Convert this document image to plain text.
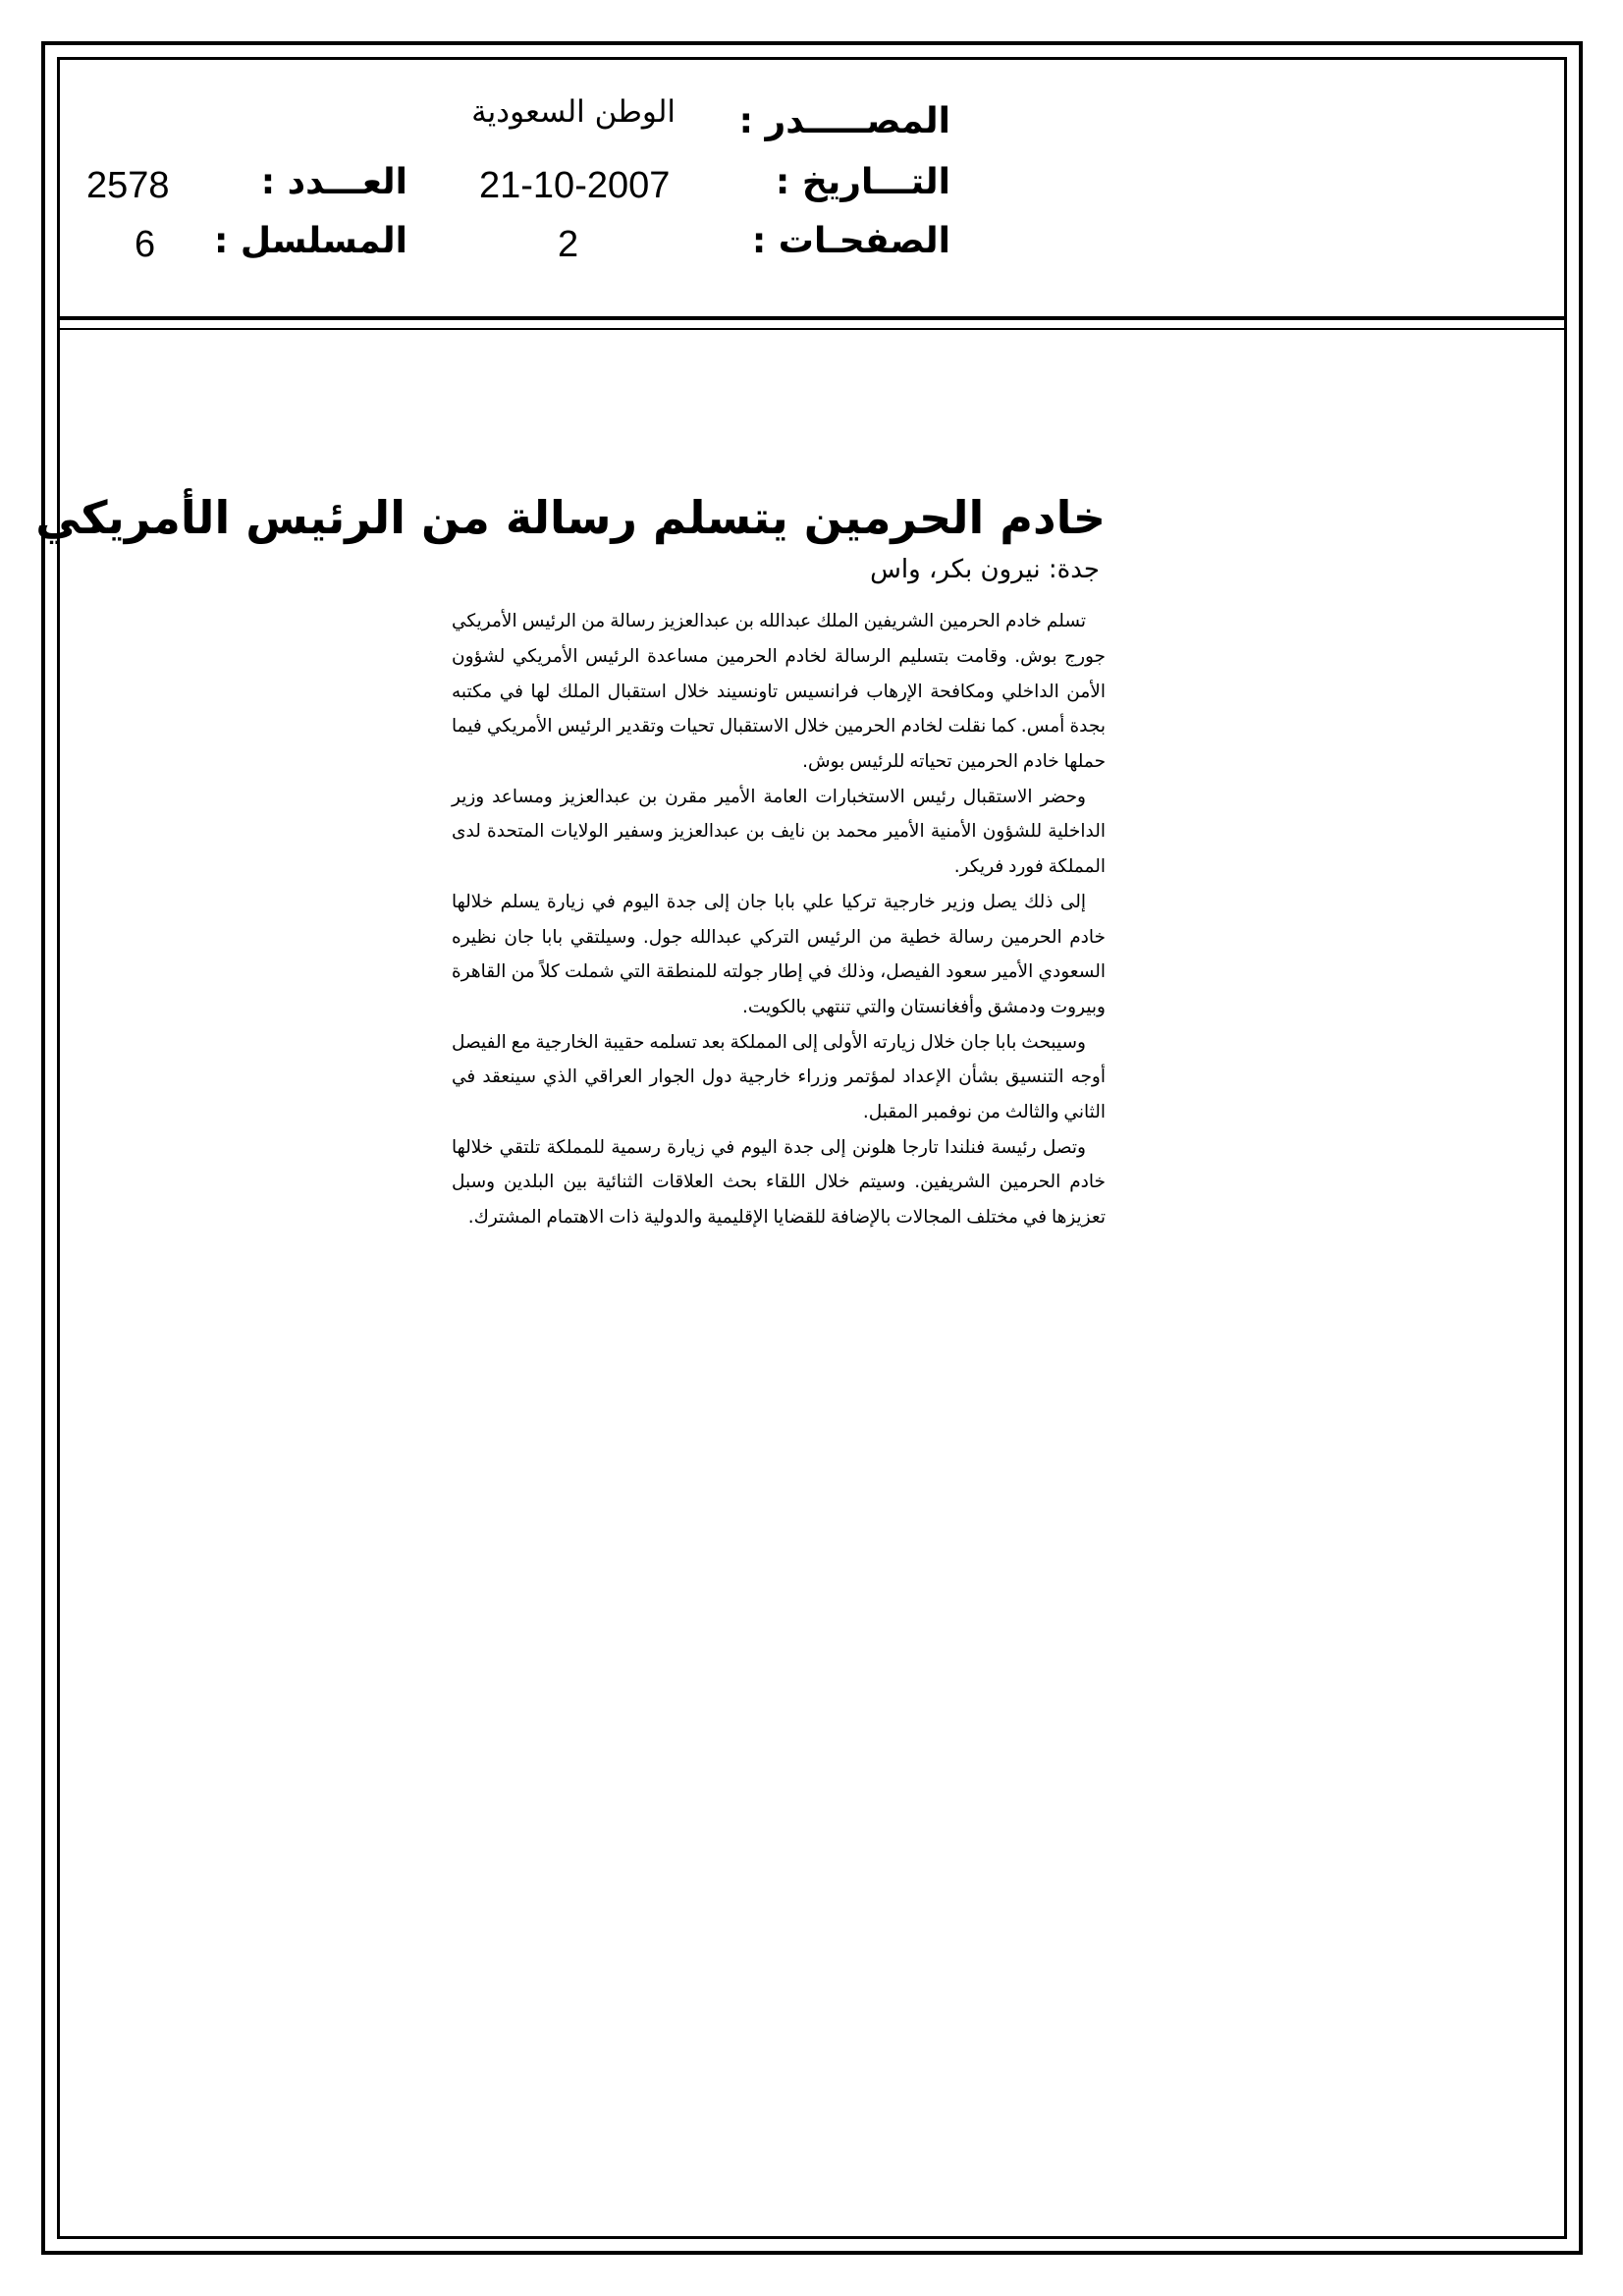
المصـــــدر :
الوطن السعودية
التـــاريخ :
21-10-2007
الصفحـات :
2
العـــدد :
2578
المسلسل :
6
خادم الحرمين يتسلم رسالة من الرئيس الأمريكي
جدة: نيرون بكر، واس

تسلم خادم الحرمين الشريفين الملك عبدالله بن عبدالعزيز رسالة من الرئيس الأمريكي جورج بوش. وقامت بتسليم الرسالة لخادم الحرمين مساعدة الرئيس الأمريكي لشؤون الأمن الداخلي ومكافحة الإرهاب فرانسيس تاونسيند خلال استقبال الملك لها في مكتبه بجدة أمس. كما نقلت لخادم الحرمين خلال الاستقبال تحيات وتقدير الرئيس الأمريكي فيما حملها خادم الحرمين تحياته للرئيس بوش.

وحضر الاستقبال رئيس الاستخبارات العامة الأمير مقرن بن عبدالعزيز ومساعد وزير الداخلية للشؤون الأمنية الأمير محمد بن نايف بن عبدالعزيز وسفير الولايات المتحدة لدى المملكة فورد فريكر.

إلى ذلك يصل وزير خارجية تركيا علي بابا جان إلى جدة اليوم في زيارة يسلم خلالها خادم الحرمين رسالة خطية من الرئيس التركي عبدالله جول. وسيلتقي بابا جان نظيره السعودي الأمير سعود الفيصل، وذلك في إطار جولته للمنطقة التي شملت كلاً من القاهرة وبيروت ودمشق وأفغانستان والتي تنتهي بالكويت.

وسيبحث بابا جان خلال زيارته الأولى إلى المملكة بعد تسلمه حقيبة الخارجية مع الفيصل أوجه التنسيق بشأن الإعداد لمؤتمر وزراء خارجية دول الجوار العراقي الذي سينعقد في الثاني والثالث من نوفمبر المقبل.

وتصل رئيسة فنلندا تارجا هلونن إلى جدة اليوم في زيارة رسمية للمملكة تلتقي خلالها خادم الحرمين الشريفين. وسيتم خلال اللقاء بحث العلاقات الثنائية بين البلدين وسبل تعزيزها في مختلف المجالات بالإضافة للقضايا الإقليمية والدولية ذات الاهتمام المشترك.
